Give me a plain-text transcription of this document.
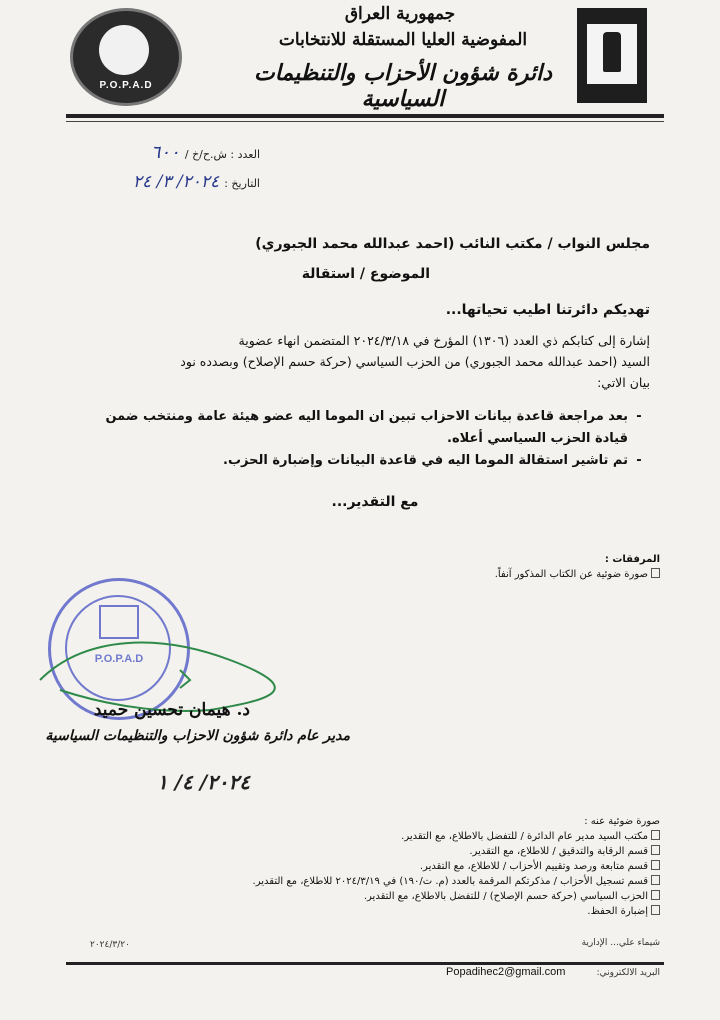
P.O.P.A.D
جمهورية العراق
المفوضية العليا المستقلة للانتخابات
دائرة شؤون الأحزاب والتنظيمات السياسية
العدد : ش.ح/خ / ٦٠٠
التاريخ : ٢٠٢٤/ ٣/ ٢٤
مجلس النواب / مكتب النائب (احمد عبدالله محمد الجبوري)
الموضوع / استقالة
تهديكم دائرتنا اطيب تحياتها...
إشارة إلى كتابكم ذي العدد (١٣٠٦) المؤرخ في ٢٠٢٤/٣/١٨ المتضمن انهاء عضوية
السيد (احمد عبدالله محمد الجبوري) من الحزب السياسي (حركة حسم الإصلاح) وبصدده نود
بيان الاتي:
-
بعد مراجعة قاعدة بيانات الاحزاب تبين ان الموما اليه عضو هيئة عامة ومنتخب ضمن قيادة الحزب السياسي أعلاه.
-
تم تاشير استقالة الموما اليه في قاعدة البيانات وإضبارة الحزب.
مع التقدير...
المرفقات :
صورة ضوئية عن الكتاب المذكور آنفاً.
P.O.P.A.D
د. هيمان تحسين حميد
مدير عام دائرة شؤون الاحزاب والتنظيمات السياسية
٢٠٢٤/ ٤/ ١
صورة ضوئية عنه :
مكتب السيد مدير عام الدائرة / للتفضل بالاطلاع، مع التقدير.
قسم الرقابة والتدقيق / للاطلاع، مع التقدير.
قسم متابعة ورصد وتقييم الأحزاب / للاطلاع، مع التقدير.
قسم تسجيل الأحزاب / مذكرتكم المرقمة بالعدد (م. ت/١٩٠) في ٢٠٢٤/٣/١٩ للاطلاع، مع التقدير.
الحزب السياسي (حركة حسم الإصلاح) / للتفضل بالاطلاع، مع التقدير.
إضبارة الحفظ.
شيماء علي... الإدارية
٢٠٢٤/٣/٢٠
Popadihec2@gmail.com	البريد الالكتروني:
